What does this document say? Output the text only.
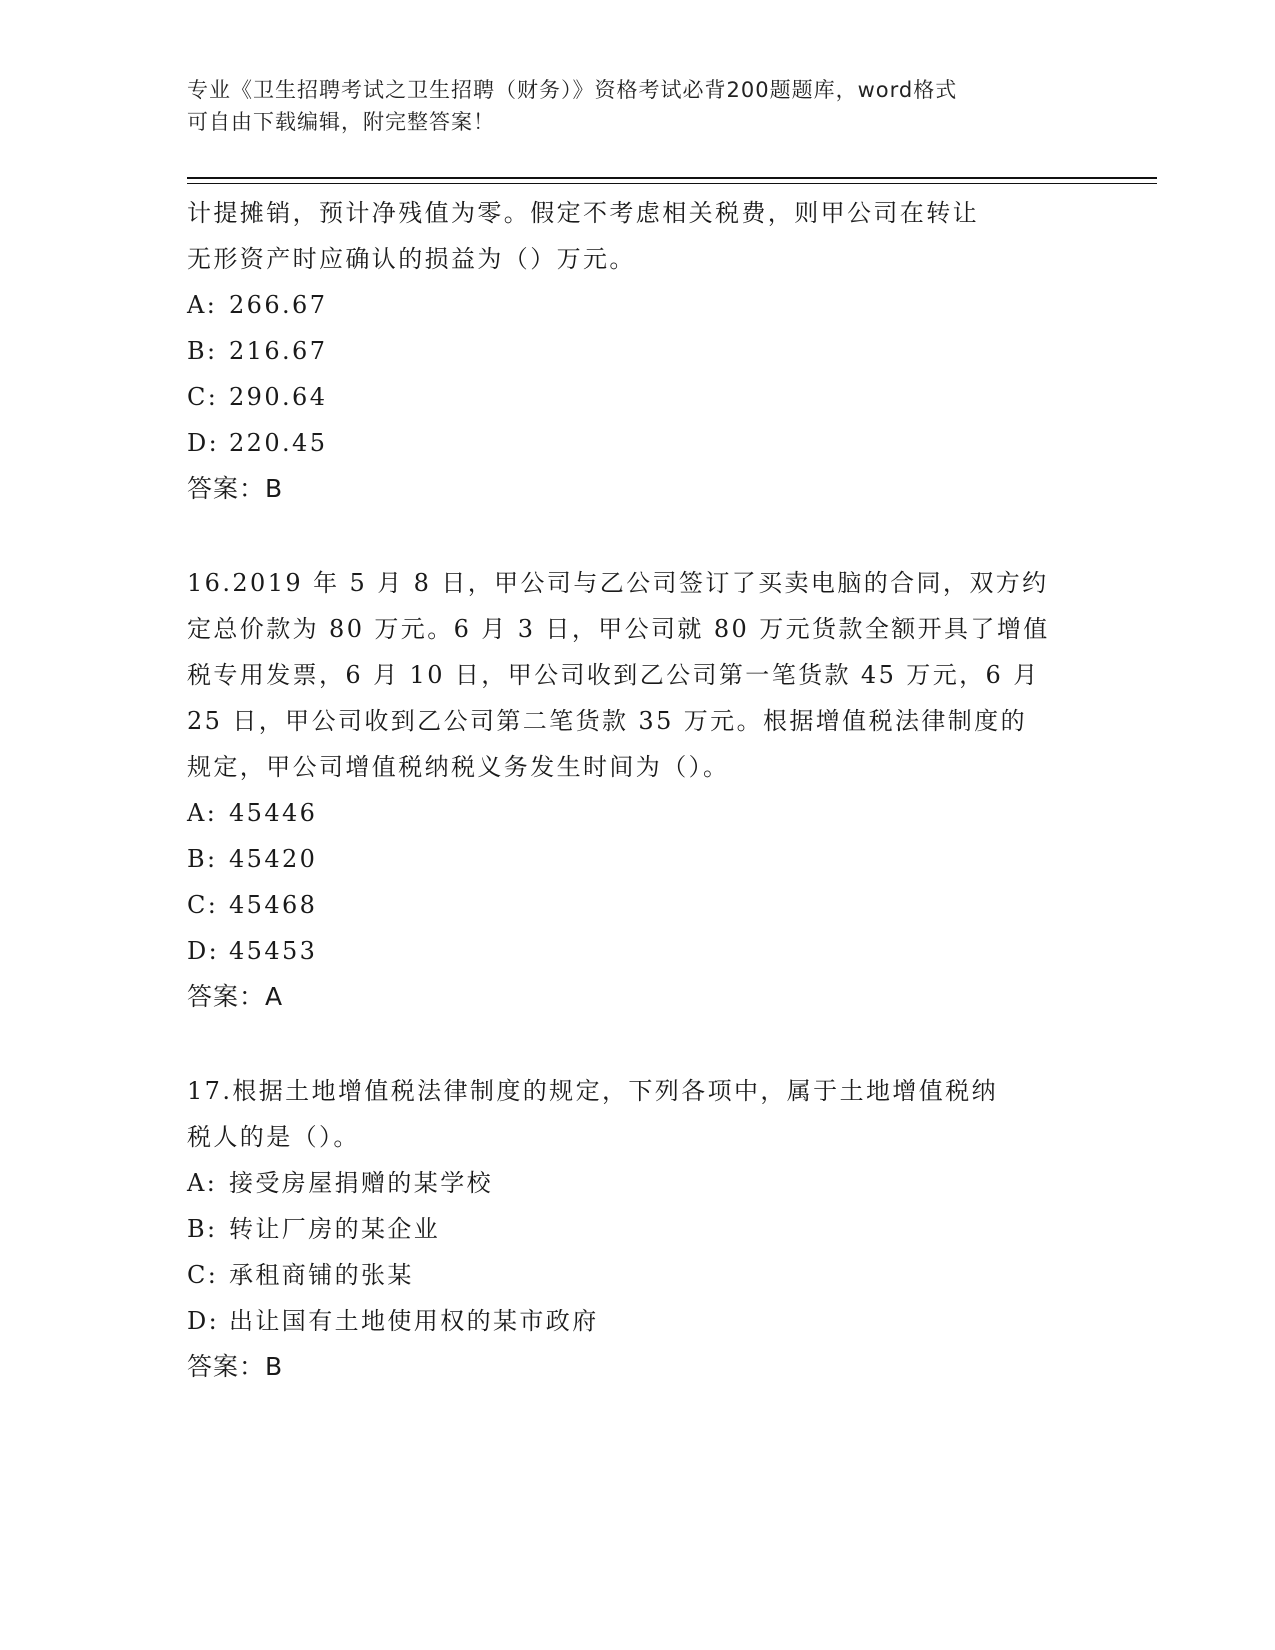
专业《卫生招聘考试之卫生招聘（财务）》资格考试必背200题题库，word格式
可自由下载编辑，附完整答案！
计提摊销，预计净残值为零。假定不考虑相关税费，则甲公司在转让
无形资产时应确认的损益为（）万元。
A: 266.67
B: 216.67
C: 290.64
D: 220.45
答案：B
16.2019 年 5 月 8 日，甲公司与乙公司签订了买卖电脑的合同，双方约
定总价款为 80 万元。6 月 3 日，甲公司就 80 万元货款全额开具了增值
税专用发票，6 月 10 日，甲公司收到乙公司第一笔货款 45 万元，6 月
25 日，甲公司收到乙公司第二笔货款 35 万元。根据增值税法律制度的
规定，甲公司增值税纳税义务发生时间为（）。
A: 45446
B: 45420
C: 45468
D: 45453
答案：A
17.根据土地增值税法律制度的规定，下列各项中，属于土地增值税纳
税人的是（）。
A: 接受房屋捐赠的某学校
B: 转让厂房的某企业
C: 承租商铺的张某
D: 出让国有土地使用权的某市政府
答案：B
